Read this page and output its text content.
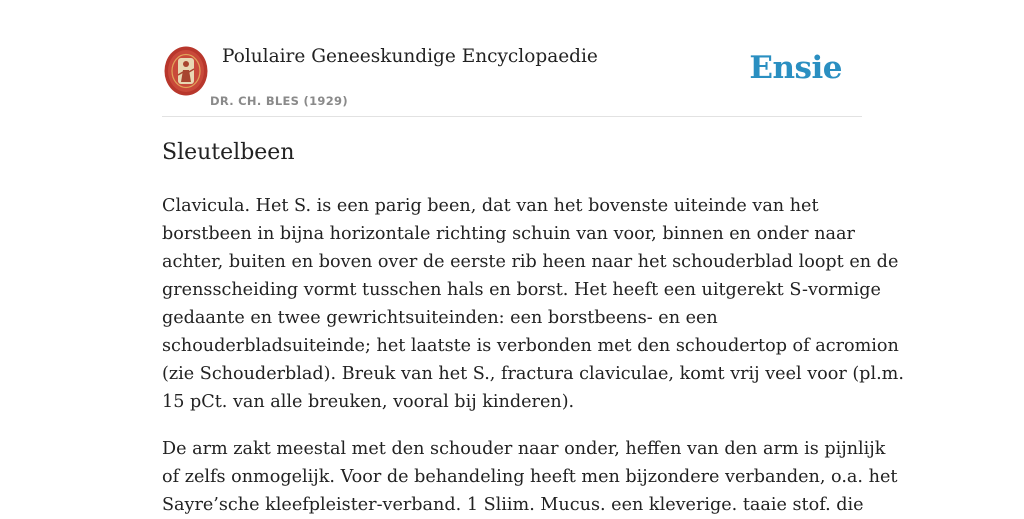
Polulaire Geneeskundige Encyclopaedie
DR. CH. BLES (1929)
Ensie
Sleutelbeen

Clavicula. Het S. is een parig been, dat van het bovenste uiteinde van het
borstbeen in bijna horizontale richting schuin van voor, binnen en onder naar
achter, buiten en boven over de eerste rib heen naar het schouderblad loopt en de
grensscheiding vormt tusschen hals en borst. Het heeft een uitgerekt S-vormige
gedaante en twee gewrichtsuiteinden: een borstbeens- en een
schouderbladsuiteinde; het laatste is verbonden met den schoudertop of acromion
(zie Schouderblad). Breuk van het S., fractura claviculae, komt vrij veel voor (pl.m.
15 pCt. van alle breuken, vooral bij kinderen).

De arm zakt meestal met den schouder naar onder, heffen van den arm is pijnlijk
of zelfs onmogelijk. Voor de behandeling heeft men bijzondere verbanden, o.a. het
Sayre’sche kleefpleister-verband. 1 Sliim. Mucus. een kleverige. taaie stof. die
